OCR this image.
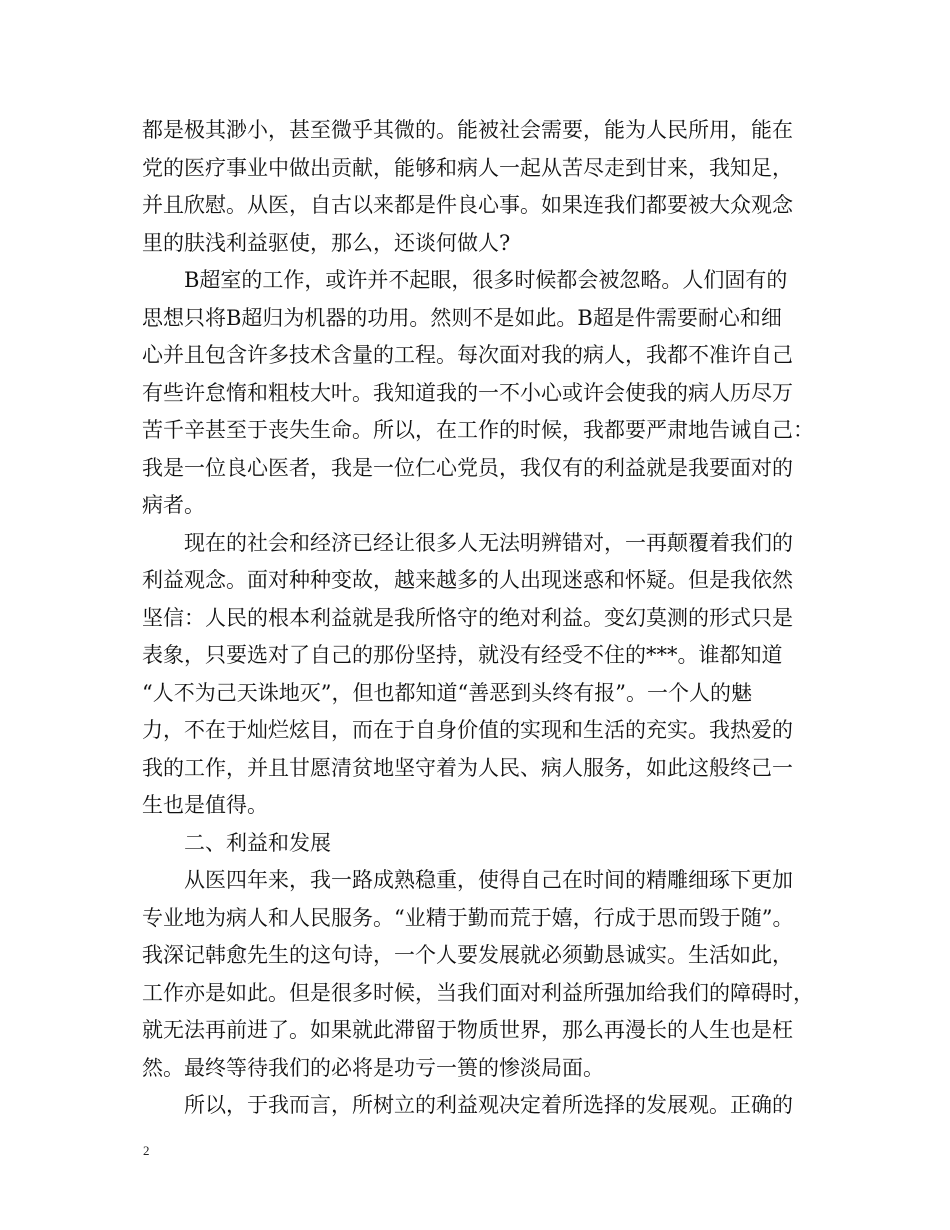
都是极其渺小，甚至微乎其微的。能被社会需要，能为人民所用，能在
党的医疗事业中做出贡献，能够和病人一起从苦尽走到甘来，我知足，
并且欣慰。从医，自古以来都是件良心事。如果连我们都要被大众观念
里的肤浅利益驱使，那么，还谈何做人?
B超室的工作，或许并不起眼，很多时候都会被忽略。人们固有的
思想只将B超归为机器的功用。然则不是如此。B超是件需要耐心和细
心并且包含许多技术含量的工程。每次面对我的病人，我都不准许自己
有些许怠惰和粗枝大叶。我知道我的一不小心或许会使我的病人历尽万
苦千辛甚至于丧失生命。所以，在工作的时候，我都要严肃地告诫自己：
我是一位良心医者，我是一位仁心党员，我仅有的利益就是我要面对的
病者。
现在的社会和经济已经让很多人无法明辨错对，一再颠覆着我们的
利益观念。面对种种变故，越来越多的人出现迷惑和怀疑。但是我依然
坚信：人民的根本利益就是我所恪守的绝对利益。变幻莫测的形式只是
表象，只要选对了自己的那份坚持，就没有经受不住的***。谁都知道
“人不为己天诛地灭”，但也都知道“善恶到头终有报”。一个人的魅
力，不在于灿烂炫目，而在于自身价值的实现和生活的充实。我热爱的
我的工作，并且甘愿清贫地坚守着为人民、病人服务，如此这般终己一
生也是值得。
二、利益和发展
从医四年来，我一路成熟稳重，使得自己在时间的精雕细琢下更加
专业地为病人和人民服务。“业精于勤而荒于嬉，行成于思而毁于随”。
我深记韩愈先生的这句诗，一个人要发展就必须勤恳诚实。生活如此，
工作亦是如此。但是很多时候，当我们面对利益所强加给我们的障碍时，
就无法再前进了。如果就此滞留于物质世界，那么再漫长的人生也是枉
然。最终等待我们的必将是功亏一篑的惨淡局面。
所以，于我而言，所树立的利益观决定着所选择的发展观。正确的
2
